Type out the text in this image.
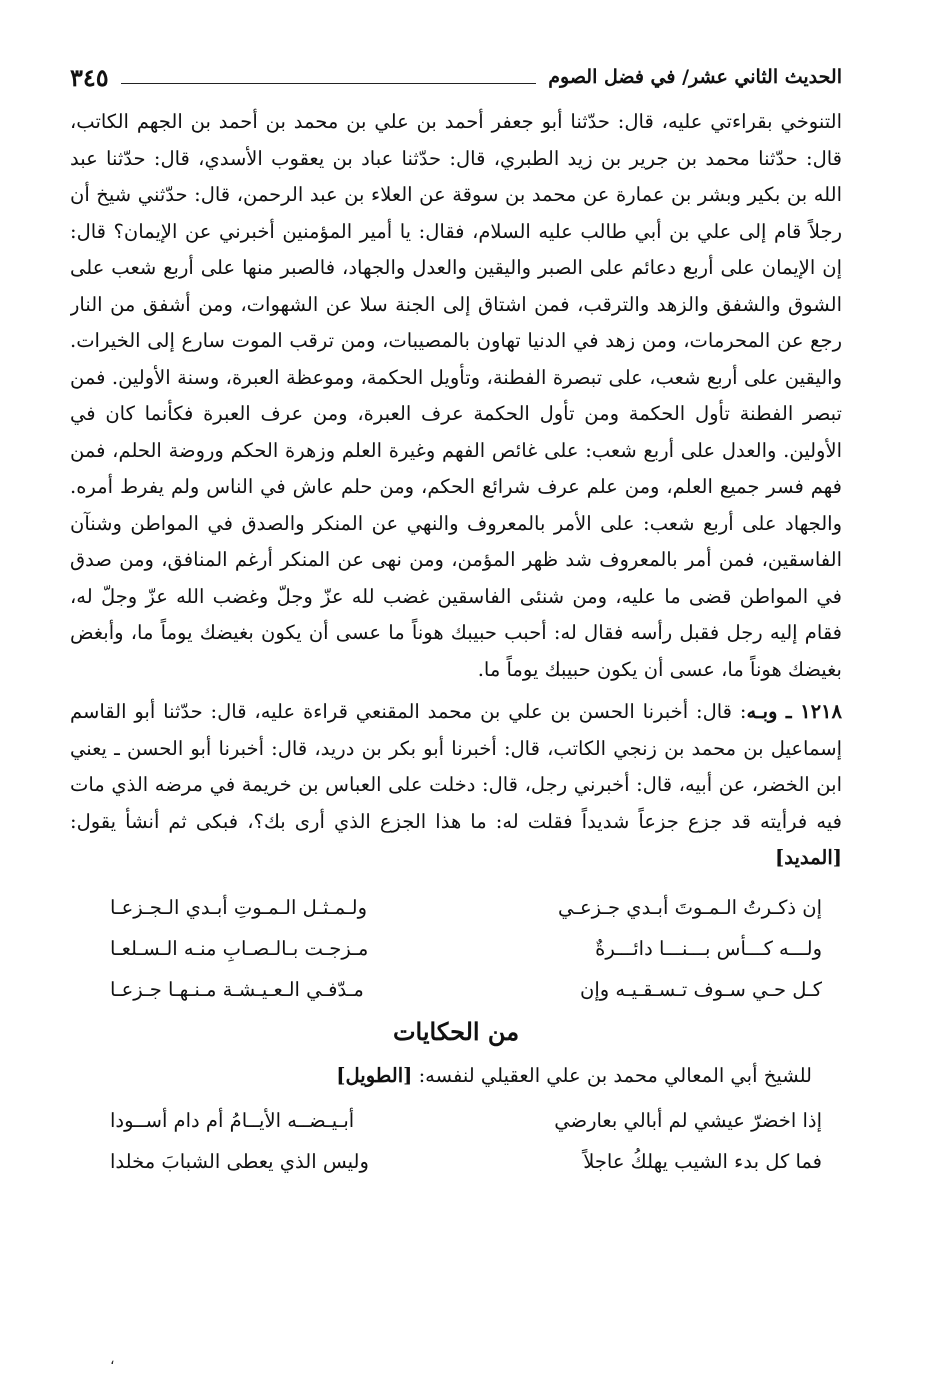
الحديث الثاني عشر/ في فضل الصوم
٣٤٥

التنوخي بقراءتي عليه، قال: حدّثنا أبو جعفر أحمد بن علي بن محمد بن أحمد بن الجهم الكاتب، قال: حدّثنا محمد بن جرير بن زيد الطبري، قال: حدّثنا عباد بن يعقوب الأسدي، قال: حدّثنا عبد الله بن بكير وبشر بن عمارة عن محمد بن سوقة عن العلاء بن عبد الرحمن، قال: حدّثني شيخ أن رجلاً قام إلى علي بن أبي طالب عليه السلام، فقال: يا أمير المؤمنين أخبرني عن الإيمان؟ قال: إن الإيمان على أربع دعائم على الصبر واليقين والعدل والجهاد، فالصبر منها على أربع شعب على الشوق والشفق والزهد والترقب، فمن اشتاق إلى الجنة سلا عن الشهوات، ومن أشفق من النار رجع عن المحرمات، ومن زهد في الدنيا تهاون بالمصيبات، ومن ترقب الموت سارع إلى الخيرات. واليقين على أربع شعب، على تبصرة الفطنة، وتأويل الحكمة، وموعظة العبرة، وسنة الأولين. فمن تبصر الفطنة تأول الحكمة ومن تأول الحكمة عرف العبرة، ومن عرف العبرة فكأنما كان في الأولين. والعدل على أربع شعب: على غائص الفهم وغيرة العلم وزهرة الحكم وروضة الحلم، فمن فهم فسر جميع العلم، ومن علم عرف شرائع الحكم، ومن حلم عاش في الناس ولم يفرط أمره. والجهاد على أربع شعب: على الأمر بالمعروف والنهي عن المنكر والصدق في المواطن وشنآن الفاسقين، فمن أمر بالمعروف شد ظهر المؤمن، ومن نهى عن المنكر أرغم المنافق، ومن صدق في المواطن قضى ما عليه، ومن شنئى الفاسقين غضب لله عزّ وجلّ وغضب الله عزّ وجلّ له، فقام إليه رجل فقبل رأسه فقال له: أحبب حبيبك هوناً ما عسى أن يكون بغيضك يوماً ما، وأبغض بغيضك هوناً ما، عسى أن يكون حبيبك يوماً ما.

١٢١٨ ـ وبـه: قال: أخبرنا الحسن بن علي بن محمد المقنعي قراءة عليه، قال: حدّثنا أبو القاسم إسماعيل بن محمد بن زنجي الكاتب، قال: أخبرنا أبو بكر بن دريد، قال: أخبرنا أبو الحسن ـ يعني ابن الخضر، عن أبيه، قال: أخبرني رجل، قال: دخلت على العباس بن خريمة في مرضه الذي مات فيه فرأيته قد جزع جزعاً شديداً فقلت له: ما هذا الجزع الذي أرى بك؟، فبكى ثم أنشأ يقول: [المديد]

إن ذكـرتُ الـمـوتَ أبـدي جـزعـي
ولـمـثـل الـمـوتِ أبـدي الـجـزعـا
ولـــه كـــأس بـــنـــا دائـــرةٌ
مـزجـت بـالـصـابِ منـه الـسـلعـا
كـل حـي سـوف تـسـقـيـه وإن
مـدّفـي الـعـيـشـة مـنـهـا جـزعـا
من الحكايات

للشيخ أبي المعالي محمد بن علي العقيلي لنفسه: [الطويل]

إذا اخضرّ عيشي لم أبالي بعارضي
أبـيـضــه الأيــامُ أم دام أســودا
فما كل بدء الشيب يهلكُ عاجلاً
وليس الذي يعطى الشبابَ مخلدا
،
